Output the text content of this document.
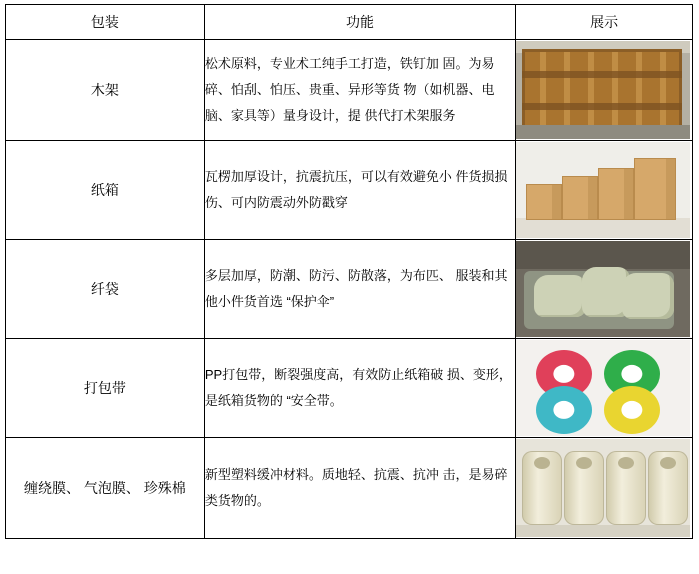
包装	功能	展示
木架	松术原料，专业术工纯手工打造，铁钉加 固。为易碎、怕刮、怕压、贵重、异形等货 物（如机器、电脑、家具等）量身设计，提 供代打术架服务	

纸箱	瓦楞加厚设计，抗震抗压，可以有效避免小 件货损损伤、可内防震动外防戳穿	

纤袋	多层加厚，防潮、防污、防散落，为布匹、 服装和其他小件货首选 “保护伞”	

打包带	PP打包带，断裂强度高，有效防止纸箱破 损、变形，是纸箱货物的 “安全带。	

缠绕膜、 气泡膜、 珍殊棉	新型塑料缓冲材料。质地轻、抗震、抗冲 击，是易碎类货物的。	
